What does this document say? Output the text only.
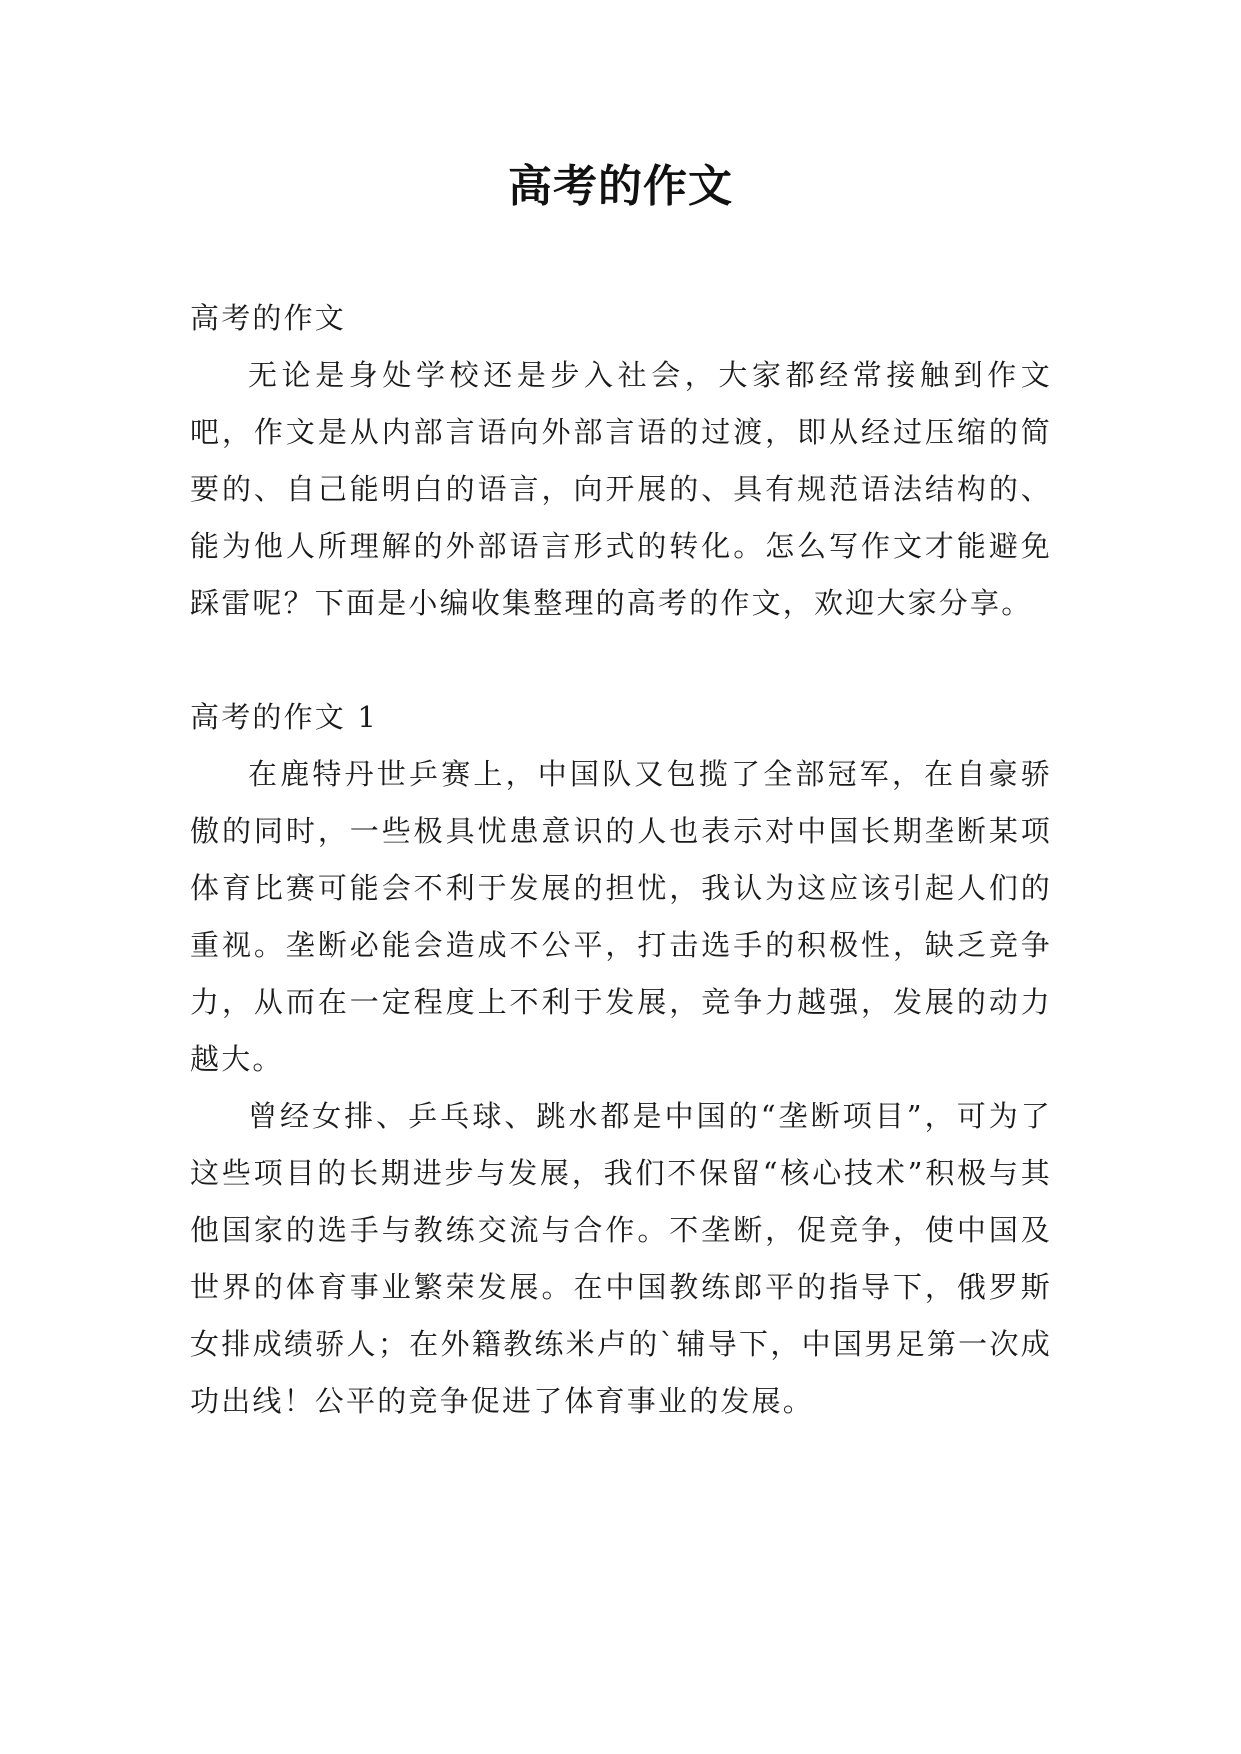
高考的作文

高考的作文

无论是身处学校还是步入社会，大家都经常接触到作文吧，作文是从内部言语向外部言语的过渡，即从经过压缩的简要的、自己能明白的语言，向开展的、具有规范语法结构的、能为他人所理解的外部语言形式的转化。怎么写作文才能避免踩雷呢？下面是小编收集整理的高考的作文，欢迎大家分享。

高考的作文 1

在鹿特丹世乒赛上，中国队又包揽了全部冠军，在自豪骄傲的同时，一些极具忧患意识的人也表示对中国长期垄断某项体育比赛可能会不利于发展的担忧，我认为这应该引起人们的重视。垄断必能会造成不公平，打击选手的积极性，缺乏竞争力，从而在一定程度上不利于发展，竞争力越强，发展的动力越大。

曾经女排、乒乓球、跳水都是中国的“垄断项目”，可为了这些项目的长期进步与发展，我们不保留“核心技术”积极与其他国家的选手与教练交流与合作。不垄断，促竞争，使中国及世界的体育事业繁荣发展。在中国教练郎平的指导下，俄罗斯女排成绩骄人；在外籍教练米卢的`辅导下，中国男足第一次成功出线！公平的竞争促进了体育事业的发展。
